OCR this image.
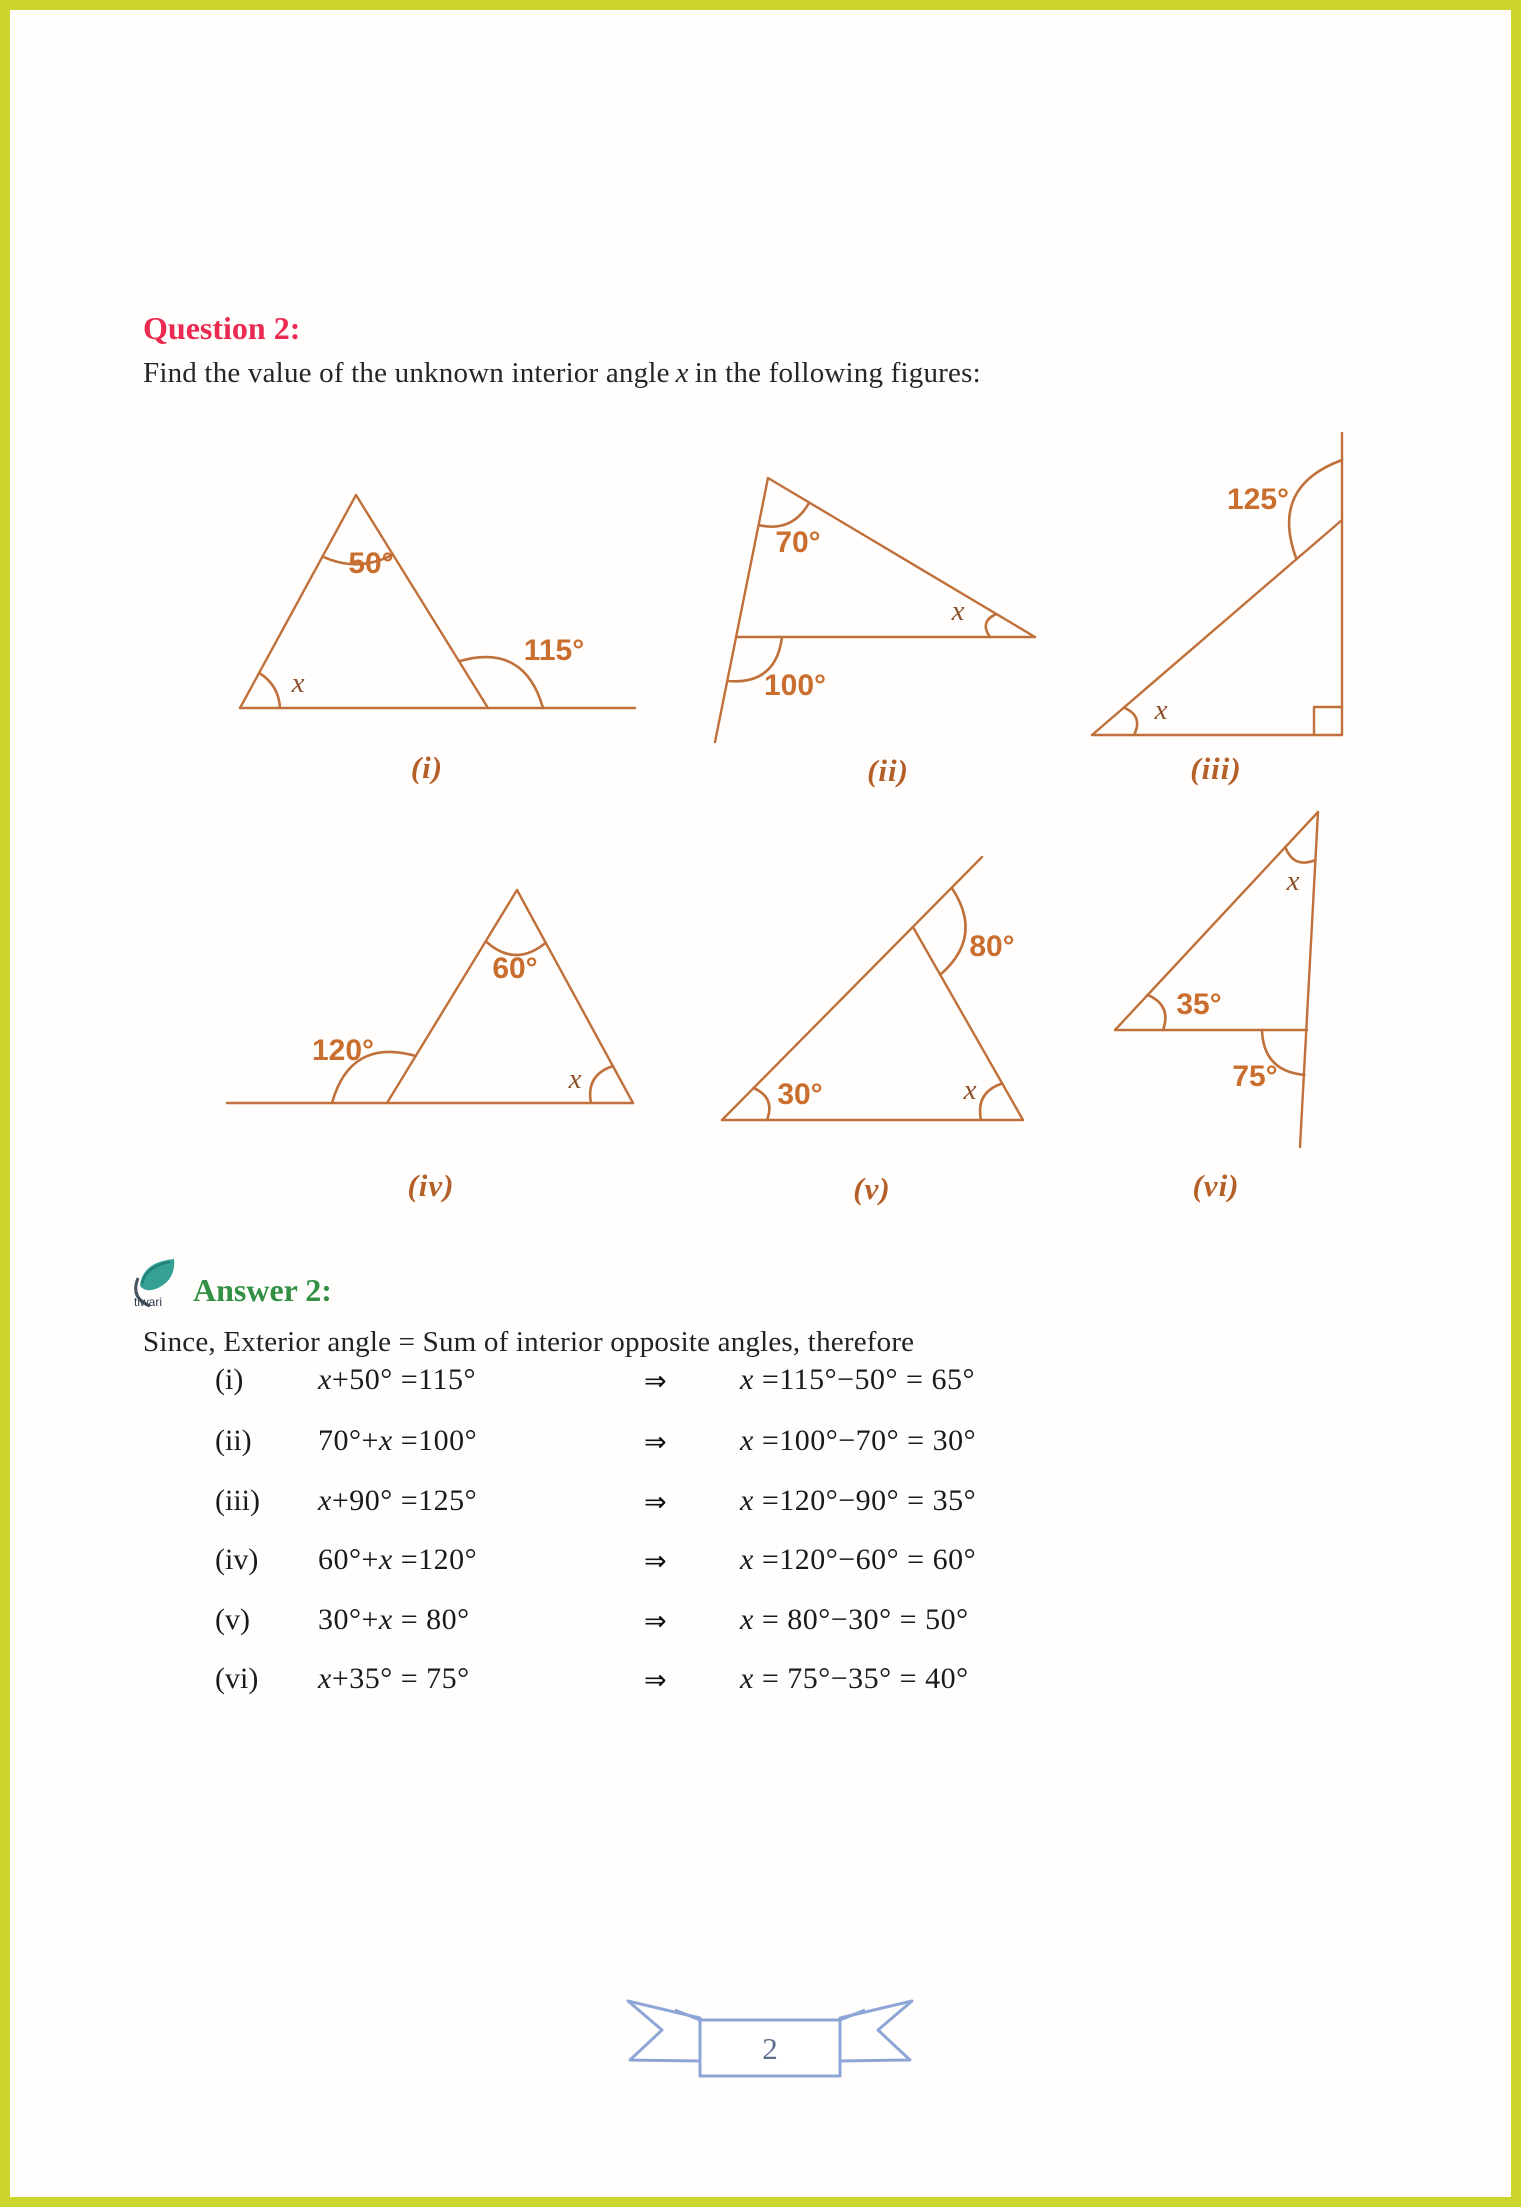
Question 2:
Find the value of the unknown interior angle x in the following figures:
50°
115°
x
(i)
70°
100°
x
(ii)
125°
x
(iii)
60°
120°
x
(iv)
80°
30°	x
(v)
x
35°
75°
(vi)
tiwari Answer 2:
Since, Exterior angle = Sum of interior opposite angles, therefore
(i) x+50° =115°	⇒ x =115°−50° = 65°
(ii) 70°+x =100°	⇒ x =100°−70° = 30°
(iii) x+90° =125°	⇒ x =120°−90° = 35°
(iv) 60°+x =120°	⇒ x =120°−60° = 60°
(v) 30°+x = 80°	⇒ x = 80°−30° = 50°
(vi) x+35° = 75°	⇒ x = 75°−35° = 40°
2
